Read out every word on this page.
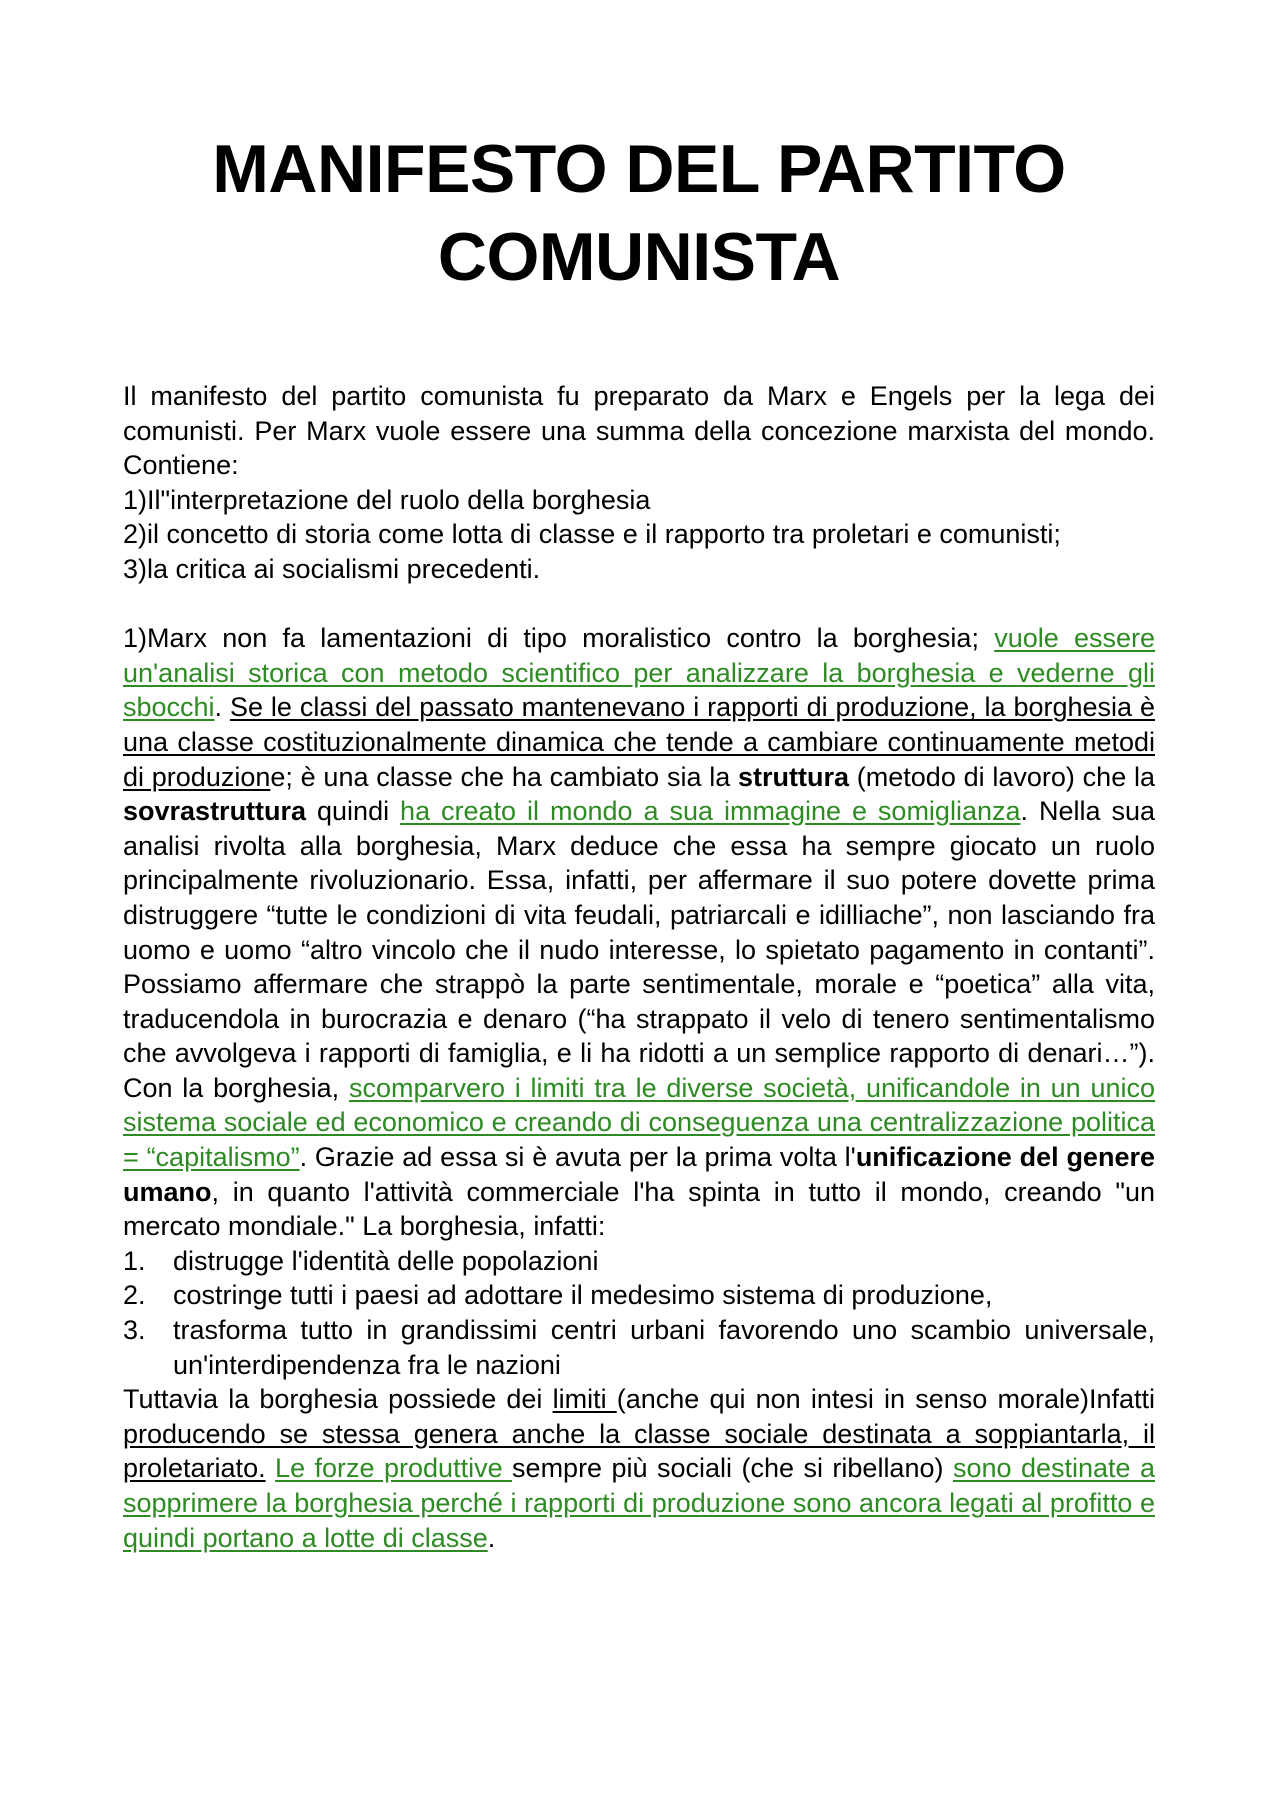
MANIFESTO DEL PARTITO
COMUNISTA

Il manifesto del partito comunista fu preparato da Marx e Engels per la lega dei comunisti. Per Marx vuole essere una summa della concezione marxista del mondo. Contiene:

1)Il"interpretazione del ruolo della borghesia

2)il concetto di storia come lotta di classe e il rapporto tra proletari e comunisti;

3)la critica ai socialismi precedenti.

1)Marx non fa lamentazioni di tipo moralistico contro la borghesia; vuole essere un'analisi storica con metodo scientifico per analizzare la borghesia e vederne gli sbocchi. Se le classi del passato mantenevano i rapporti di produzione, la borghesia è una classe costituzionalmente dinamica che tende a cambiare continuamente metodi di produzione; è una classe che ha cambiato sia la struttura (metodo di lavoro) che la sovrastruttura quindi ha creato il mondo a sua immagine e somiglianza. Nella sua analisi rivolta alla borghesia, Marx deduce che essa ha sempre giocato un ruolo principalmente rivoluzionario. Essa, infatti, per affermare il suo potere dovette prima distruggere “tutte le condizioni di vita feudali, patriarcali e idilliache”, non lasciando fra uomo e uomo “altro vincolo che il nudo interesse, lo spietato pagamento in contanti”. Possiamo affermare che strappò la parte sentimentale, morale e “poetica” alla vita, traducendola in burocrazia e denaro (“ha strappato il velo di tenero sentimentalismo che avvolgeva i rapporti di famiglia, e li ha ridotti a un semplice rapporto di denari…”). Con la borghesia, scomparvero i limiti tra le diverse società, unificandole in un unico sistema sociale ed economico e creando di conseguenza una centralizzazione politica = “capitalismo”. Grazie ad essa si è avuta per la prima volta l'unificazione del genere umano, in quanto l'attività commerciale l'ha spinta in tutto il mondo, creando "un mercato mondiale." La borghesia, infatti:

1. distrugge l'identità delle popolazioni
2. costringe tutti i paesi ad adottare il medesimo sistema di produzione,
3. trasforma tutto in grandissimi centri urbani favorendo uno scambio universale, un'interdipendenza fra le nazioni

Tuttavia la borghesia possiede dei limiti (anche qui non intesi in senso morale)Infatti producendo se stessa genera anche la classe sociale destinata a soppiantarla, il proletariato. Le forze produttive sempre più sociali (che si ribellano) sono destinate a sopprimere la borghesia perché i rapporti di produzione sono ancora legati al profitto e quindi portano a lotte di classe.
